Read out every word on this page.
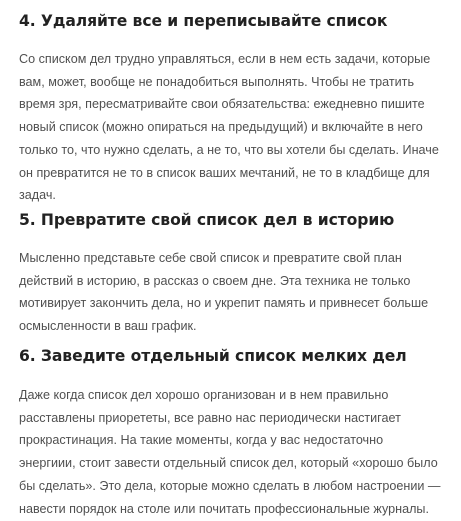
4. Удаляйте все и переписывайте список
Со списком дел трудно управляться, если в нем есть задачи, которые
вам, может, вообще не понадобиться выполнять. Чтобы не тратить
время зря, пересматривайте свои обязательства: ежедневно пишите
новый список (можно опираться на предыдущий) и включайте в него
только то, что нужно сделать, а не то, что вы хотели бы сделать. Иначе
он превратится не то в список ваших мечтаний, не то в кладбище для
задач.
5. Превратите свой список дел в историю
Мысленно представьте себе свой список и превратите свой план
действий в историю, в рассказ о своем дне. Эта техника не только
мотивирует закончить дела, но и укрепит память и привнесет больше
осмысленности в ваш график.
6. Заведите отдельный список мелких дел
Даже когда список дел хорошо организован и в нем правильно
расставлены приорететы, все равно нас периодически настигает
прокрастинация. На такие моменты, когда у вас недостаточно
энергиии, стоит завести отдельный список дел, который «хорошо было
бы сделать». Это дела, которые можно сделать в любом настроении —
навести порядок на столе или почитать профессиональные журналы.
